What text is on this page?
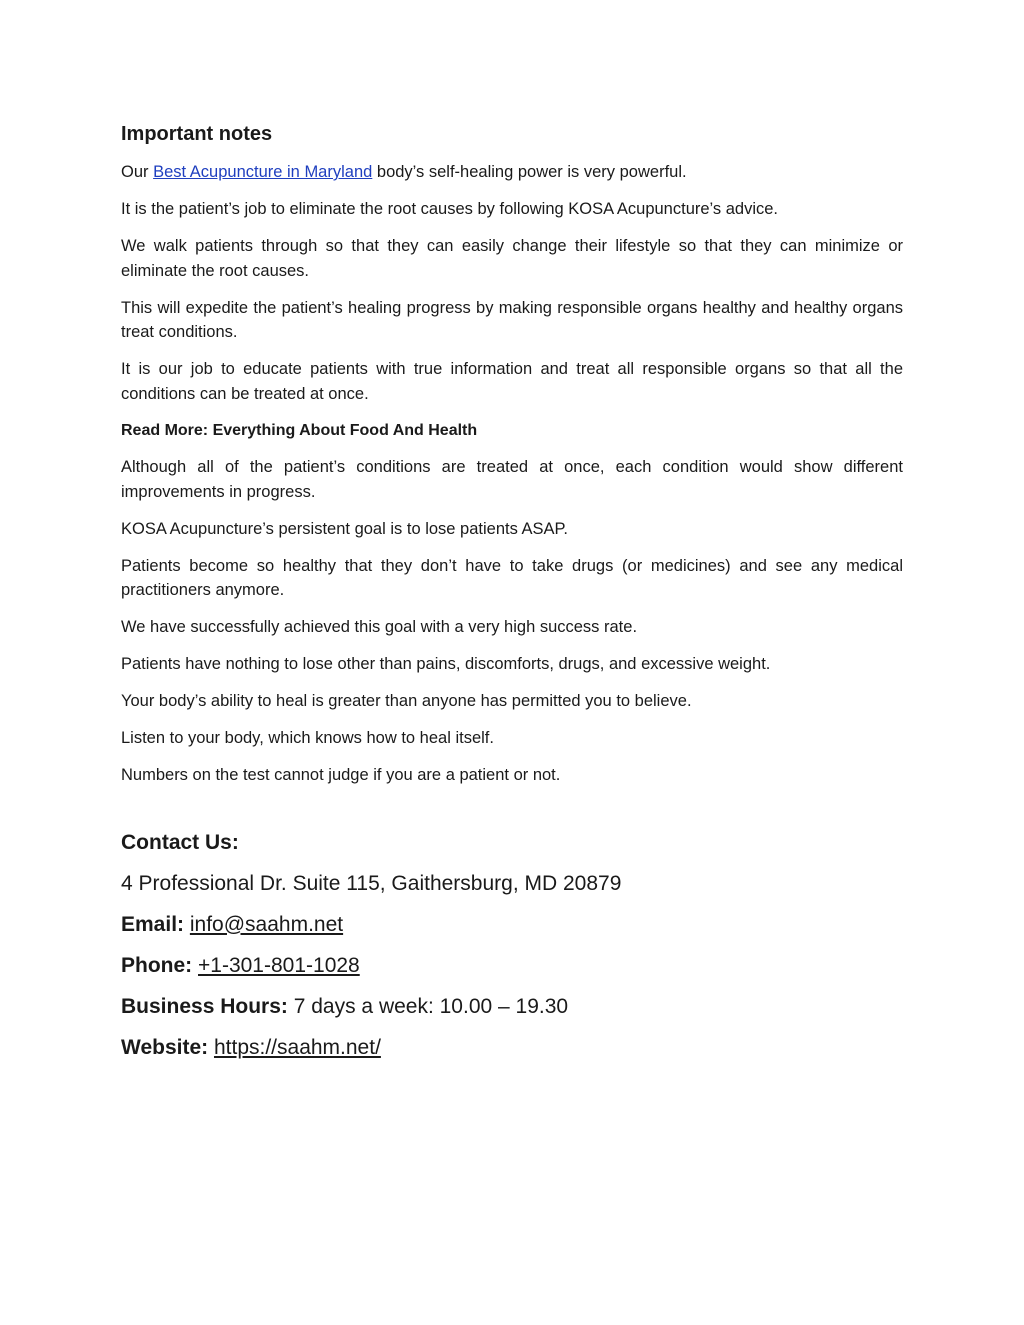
Important notes

Our Best Acupuncture in Maryland body’s self-healing power is very powerful.

It is the patient’s job to eliminate the root causes by following KOSA Acupuncture’s advice.

We walk patients through so that they can easily change their lifestyle so that they can minimize or eliminate the root causes.

This will expedite the patient’s healing progress by making responsible organs healthy and healthy organs treat conditions.

It is our job to educate patients with true information and treat all responsible organs so that all the conditions can be treated at once.

Read More: Everything About Food And Health

Although all of the patient’s conditions are treated at once, each condition would show different improvements in progress.

KOSA Acupuncture’s persistent goal is to lose patients ASAP.

Patients become so healthy that they don’t have to take drugs (or medicines) and see any medical practitioners anymore.

We have successfully achieved this goal with a very high success rate.

Patients have nothing to lose other than pains, discomforts, drugs, and excessive weight.

Your body’s ability to heal is greater than anyone has permitted you to believe.

Listen to your body, which knows how to heal itself.

Numbers on the test cannot judge if you are a patient or not.

Contact Us:
4 Professional Dr. Suite 115, Gaithersburg, MD 20879
Email: info@saahm.net
Phone: +1-301-801-1028
Business Hours: 7 days a week: 10.00 – 19.30
Website: https://saahm.net/
